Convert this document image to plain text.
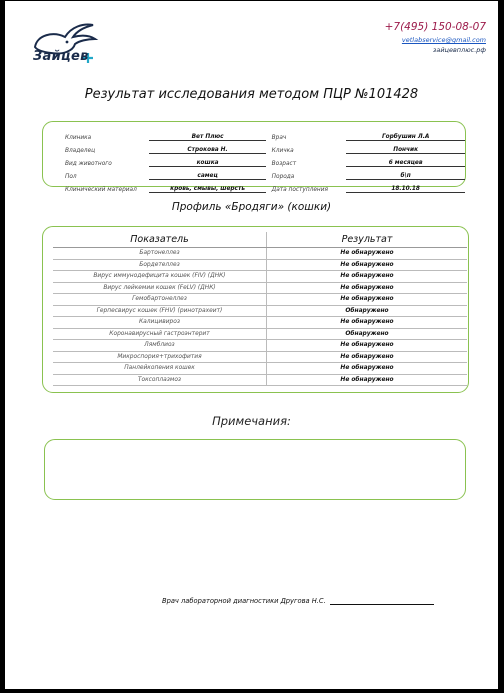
Зайцев
+7(495) 150-08-07
vetlabservice@gmail.com
зайцевплюс.рф
Результат исследования методом ПЦР №101428
Клиника	Вет Плюс		Врач	Горбушин Л.А
Владелец	Строкова Н.		Кличка	Пончик
Вид животного	кошка		Возраст	6 месяцев
Пол	самец		Порода	б\п
Клинический материал	кровь, смывы, шерсть		Дата поступления	18.10.18
Профиль «Бродяги» (кошки)
Показатель	Результат
Бартонеллез	Не обнаружено
Бордетеллез	Не обнаружено
Вирус иммунодефицита кошек (FIV) (ДНК)	Не обнаружено
Вирус лейкемии кошек (FeLV) (ДНК)	Не обнаружено
Гемобартонеллез	Не обнаружено
Герпесвирус кошек (FHV) (ринотрахеит)	Обнаружено
Калицивироз	Не обнаружено
Коронавирусный гастроэнтерит	Обнаружено
Лямблиоз	Не обнаружено
Микроспория+трихофития	Не обнаружено
Панлейкопения кошек	Не обнаружено
Токсоплазмоз	Не обнаружено
Примечания:
Врач лабораторной диагностики Другова Н.С.
